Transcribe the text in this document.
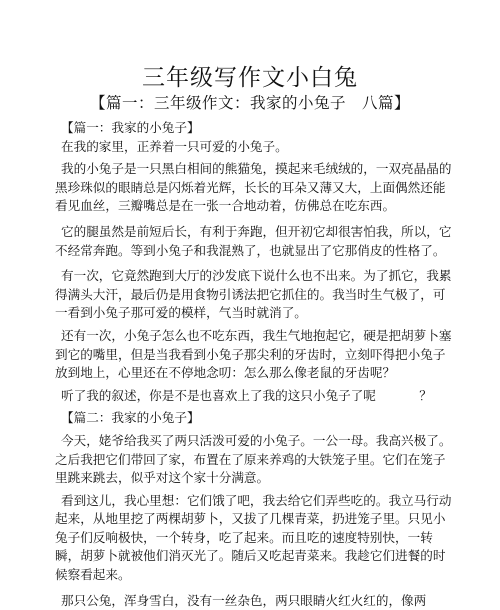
三年级写作文小白兔
【篇一：三年级作文：我家的小兔子　八篇】

【篇一：我家的小兔子】

在我的家里，正养着一只可爱的小兔子。

我的小兔子是一只黑白相间的熊猫兔，摸起来毛绒绒的，一双亮晶晶的黑珍珠似的眼睛总是闪烁着光辉，长长的耳朵又薄又大，上面偶然还能看见血丝，三瓣嘴总是在一张一合地动着，仿佛总在吃东西。

它的腿虽然是前短后长，有利于奔跑，但开初它却很害怕我，所以，它不经常奔跑。等到小兔子和我混熟了，也就显出了它那俏皮的性格了。

有一次，它竟然跑到大厅的沙发底下说什么也不出来。为了抓它，我累得满头大汗，最后仍是用食物引诱法把它抓住的。我当时生气极了，可一看到小兔子那可爱的模样，气当时就消了。

还有一次，小兔子怎么也不吃东西，我生气地抱起它，硬是把胡萝卜塞到它的嘴里，但是当我看到小兔子那尖利的牙齿时，立刻吓得把小兔子放到地上，心里还在不停地念叨：怎么那么像老鼠的牙齿呢？

听了我的叙述，你是不是也喜欢上了我的这只小兔子了呢	？

【篇二：我家的小兔子】

今天，姥爷给我买了两只活泼可爱的小兔子。一公一母。我高兴极了。之后我把它们带回了家，布置在了原来养鸡的大铁笼子里。它们在笼子里跳来跳去，似乎对这个家十分满意。

看到这儿，我心里想：它们饿了吧，我去给它们弄些吃的。我立马行动起来，从地里挖了两棵胡萝卜，又拔了几棵青菜，扔进笼子里。只见小兔子们反响极快，一个转身，吃了起来。而且吃的速度特别快，一转瞬，胡萝卜就被他们消灭光了。随后又吃起青菜来。我趁它们进餐的时候察看起来。

那只公兔，浑身雪白，没有一丝杂色，两只眼睛火红火红的，像两
